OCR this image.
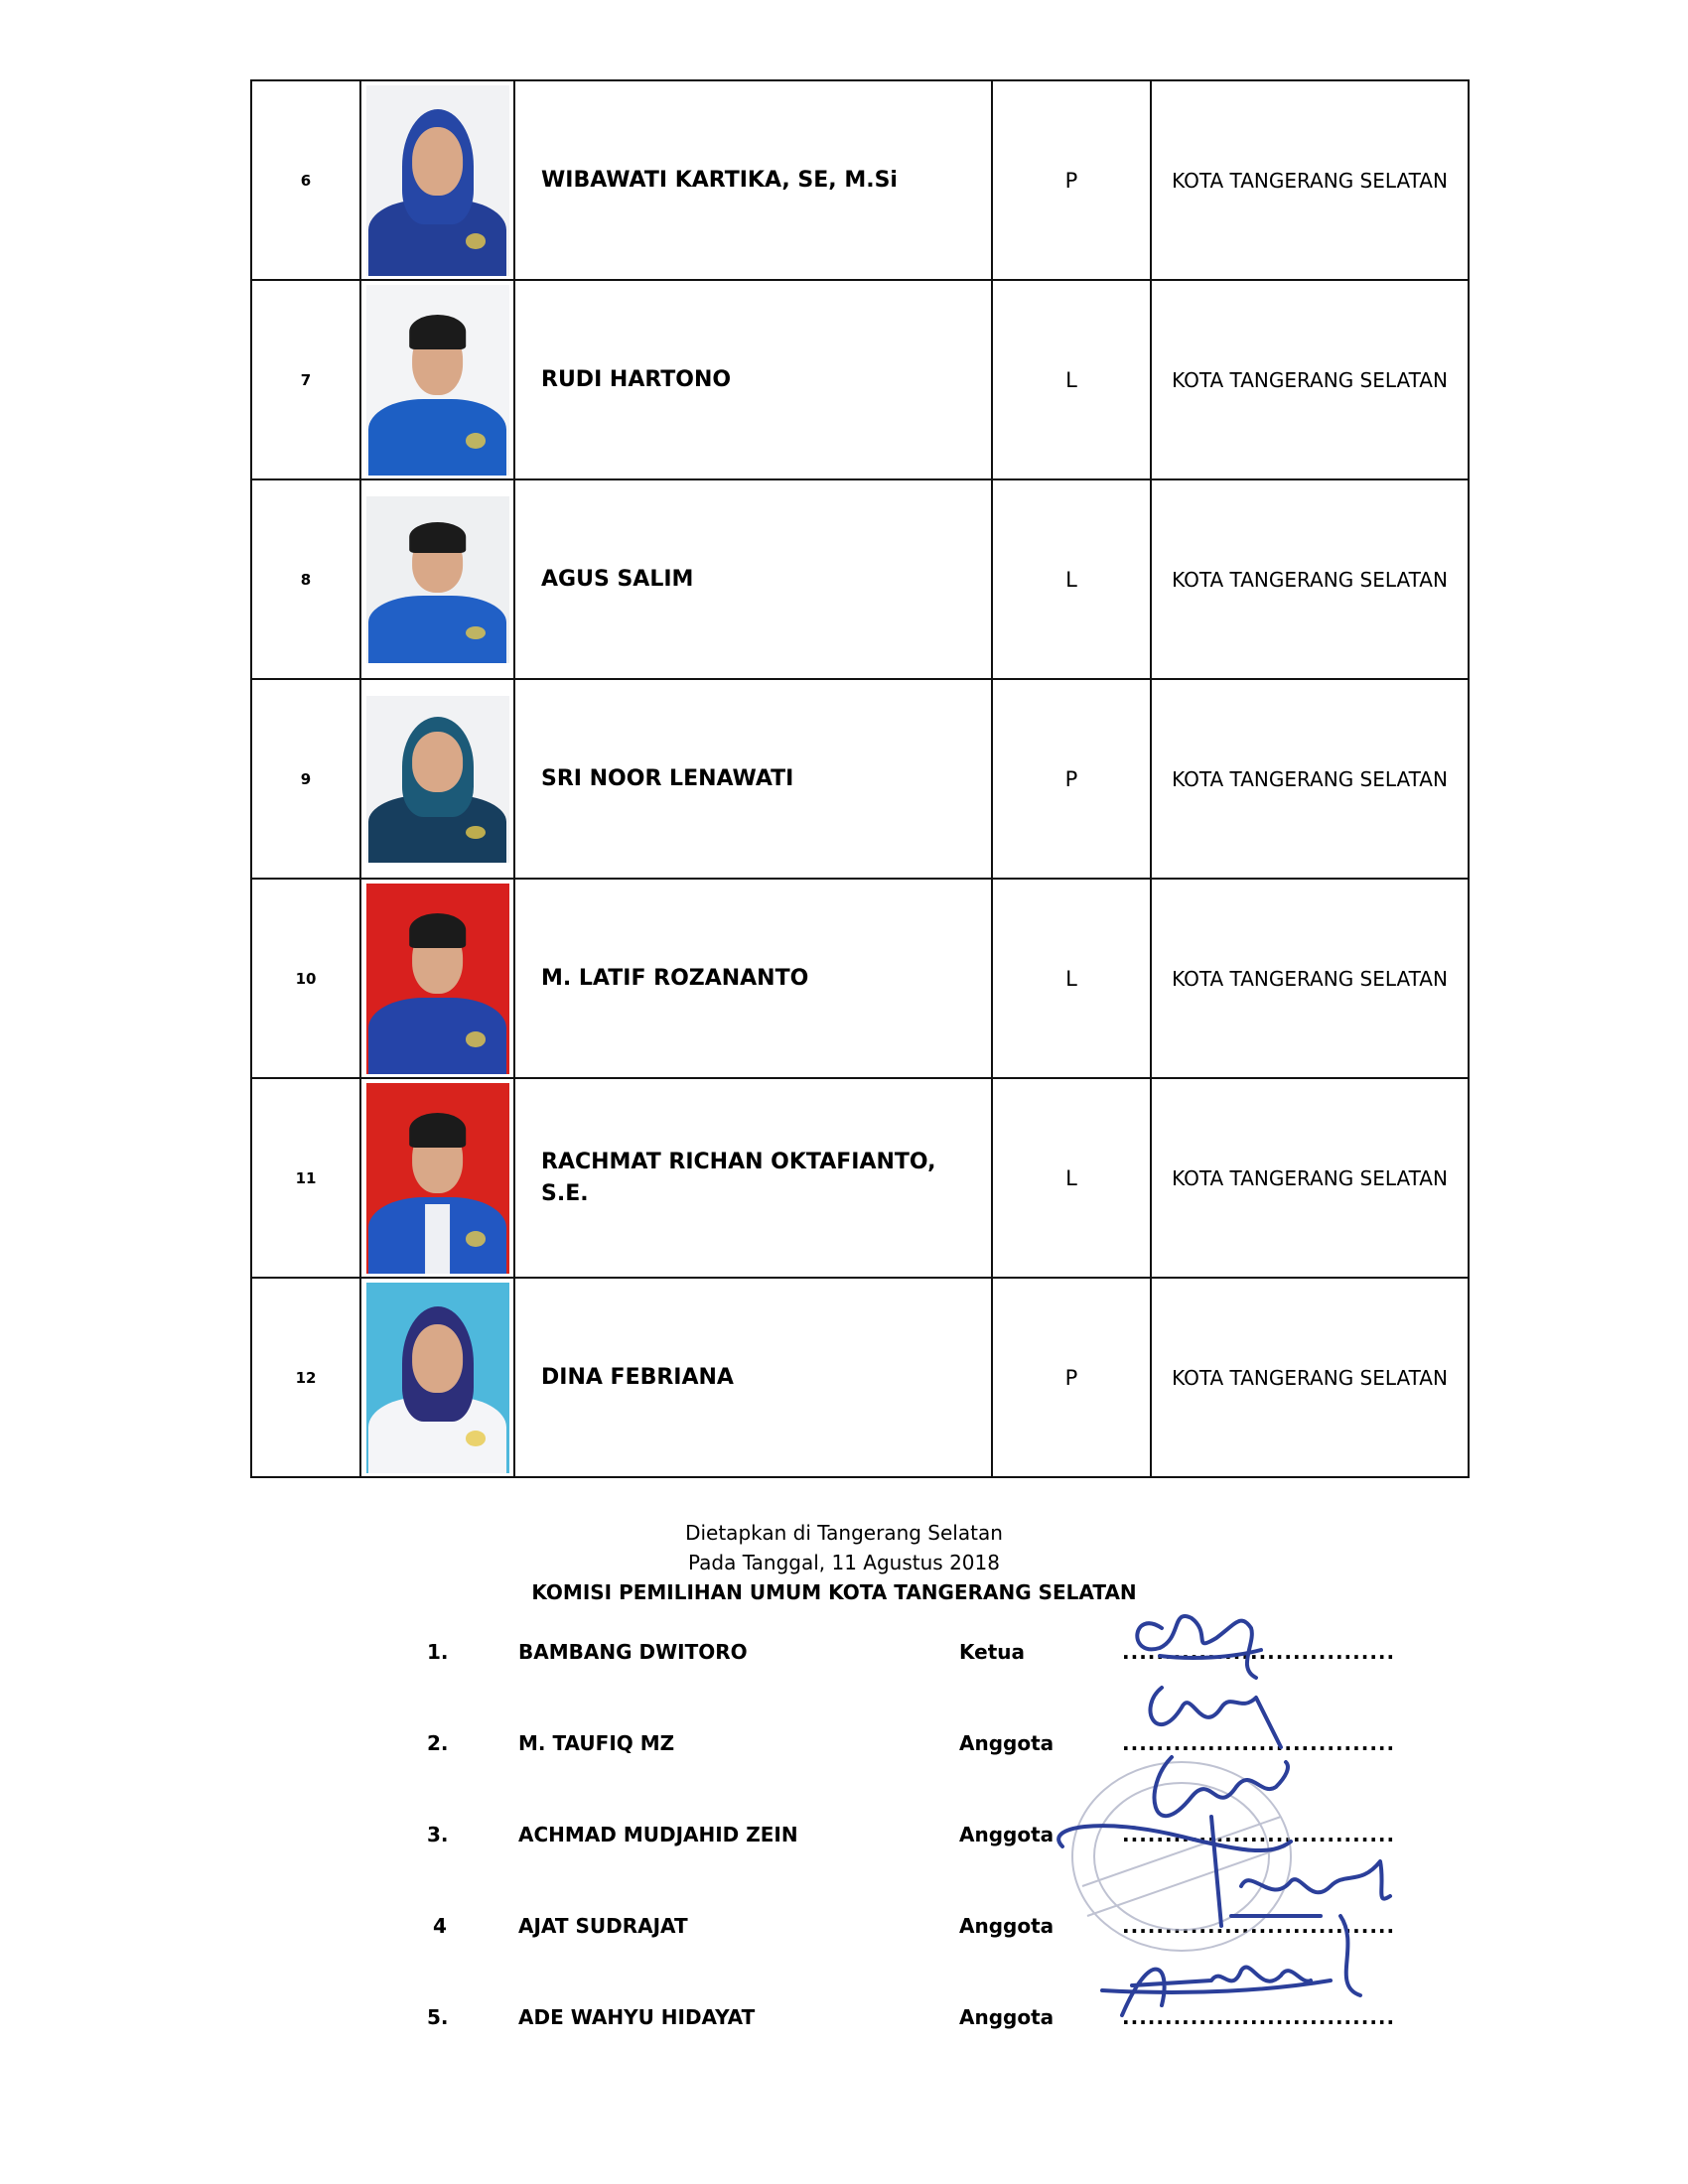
6		WIBAWATI KARTIKA, SE, M.Si	P	KOTA TANGERANG SELATAN
7		RUDI HARTONO	L	KOTA TANGERANG SELATAN
8		AGUS SALIM	L	KOTA TANGERANG SELATAN
9		SRI NOOR LENAWATI	P	KOTA TANGERANG SELATAN
10		M. LATIF ROZANANTO	L	KOTA TANGERANG SELATAN
11		RACHMAT RICHAN OKTAFIANTO, S.E.	L	KOTA TANGERANG SELATAN
12		DINA FEBRIANA	P	KOTA TANGERANG SELATAN
Dietapkan di Tangerang Selatan
Pada Tanggal, 11 Agustus 2018
KOMISI PEMILIHAN UMUM KOTA TANGERANG SELATAN
1.	BAMBANG DWITORO	Ketua	................................
2.	M. TAUFIQ MZ	Anggota	................................
3.	ACHMAD MUDJAHID ZEIN	Anggota	................................
4	AJAT SUDRAJAT	Anggota	................................
5.	ADE WAHYU HIDAYAT	Anggota	................................
